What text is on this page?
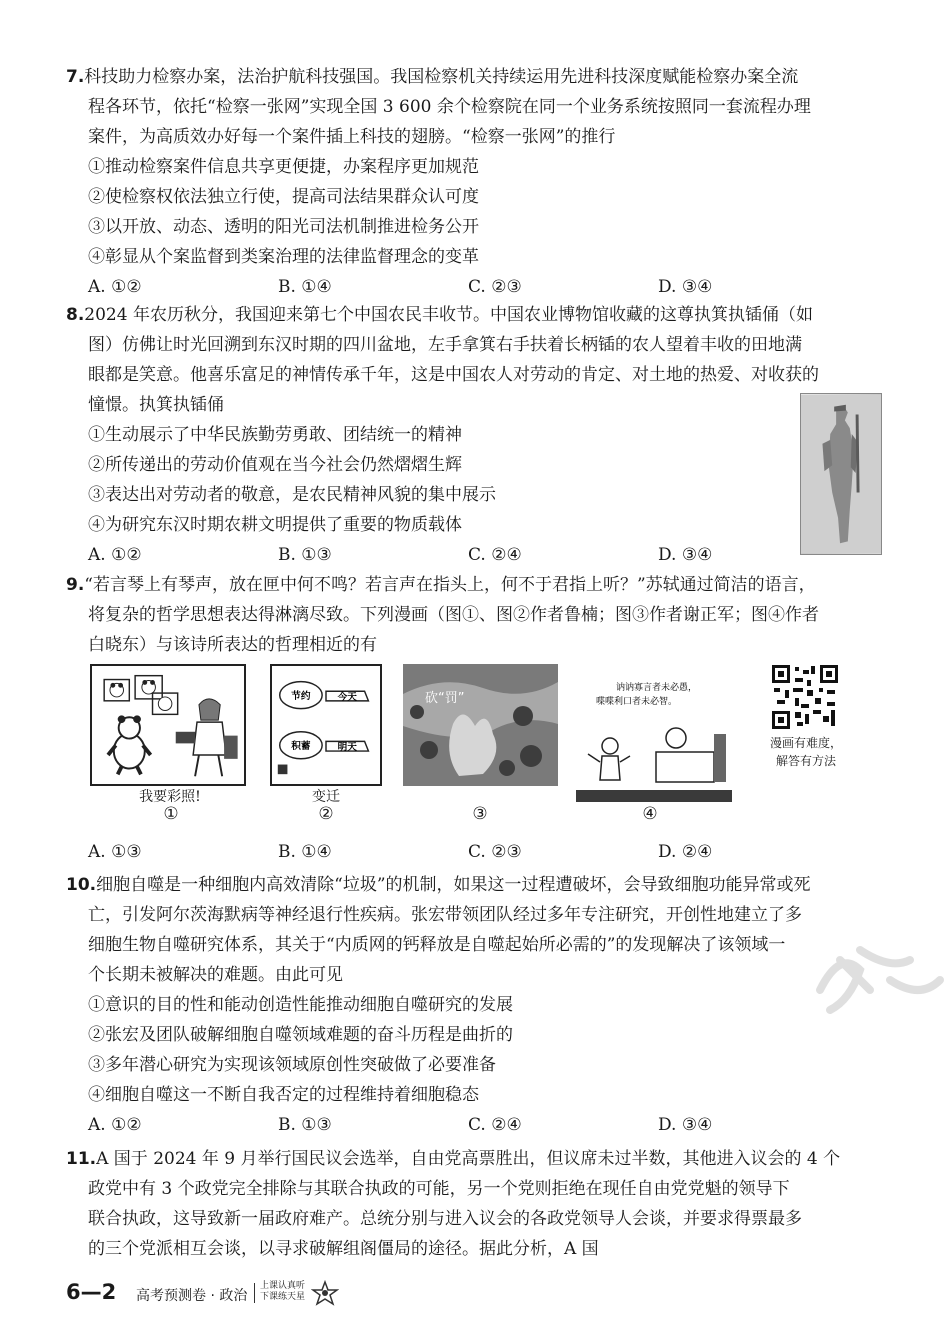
7.科技助力检察办案，法治护航科技强国。我国检察机关持续运用先进科技深度赋能检察办案全流
程各环节，依托“检察一张网”实现全国 3 600 余个检察院在同一个业务系统按照同一套流程办理
案件，为高质效办好每一个案件插上科技的翅膀。“检察一张网”的推行
①推动检察案件信息共享更便捷，办案程序更加规范
②使检察权依法独立行使，提高司法结果群众认可度
③以开放、动态、透明的阳光司法机制推进检务公开
④彰显从个案监督到类案治理的法律监督理念的变革
A. ①②	B. ①④	C. ②③	D. ③④
8.2024 年农历秋分，我国迎来第七个中国农民丰收节。中国农业博物馆收藏的这尊执箕执锸俑（如
图）仿佛让时光回溯到东汉时期的四川盆地，左手拿箕右手扶着长柄锸的农人望着丰收的田地满
眼都是笑意。他喜乐富足的神情传承千年，这是中国农人对劳动的肯定、对土地的热爱、对收获的
憧憬。执箕执锸俑
①生动展示了中华民族勤劳勇敢、团结统一的精神
②所传递出的劳动价值观在当今社会仍然熠熠生辉
③表达出对劳动者的敬意，是农民精神风貌的集中展示
④为研究东汉时期农耕文明提供了重要的物质载体
A. ①②	B. ①③	C. ②④	D. ③④
9.“若言琴上有琴声，放在匣中何不鸣？若言声在指头上，何不于君指上听？”苏轼通过简洁的语言，
将复杂的哲学思想表达得淋漓尽致。下列漫画（图①、图②作者鲁楠；图③作者谢正军；图④作者
白晓东）与该诗所表达的哲理相近的有
节约	今天
积蓄	明天
砍“罚”
讷讷寡言者未必愚，
喋喋利口者未必智。
我要彩照!	变迁
①	②	③	④
漫画有难度，
解答有方法
A. ①③	B. ①④	C. ②③	D. ②④
10.细胞自噬是一种细胞内高效清除“垃圾”的机制，如果这一过程遭破坏，会导致细胞功能异常或死
亡，引发阿尔茨海默病等神经退行性疾病。张宏带领团队经过多年专注研究，开创性地建立了多
细胞生物自噬研究体系，其关于“内质网的钙释放是自噬起始所必需的”的发现解决了该领域一
个长期未被解决的难题。由此可见
①意识的目的性和能动创造性能推动细胞自噬研究的发展
②张宏及团队破解细胞自噬领域难题的奋斗历程是曲折的
③多年潜心研究为实现该领域原创性突破做了必要准备
④细胞自噬这一不断自我否定的过程维持着细胞稳态
A. ①②	B. ①③	C. ②④	D. ③④
11.A 国于 2024 年 9 月举行国民议会选举，自由党高票胜出，但议席未过半数，其他进入议会的 4 个
政党中有 3 个政党完全排除与其联合执政的可能，另一个党则拒绝在现任自由党党魁的领导下
联合执政，这导致新一届政府难产。总统分别与进入议会的各政党领导人会谈，并要求得票最多
的三个党派相互会谈，以寻求破解组阁僵局的途径。据此分析，A 国
6—2 高考预测卷 · 政治
上课认真听
下课练天星
